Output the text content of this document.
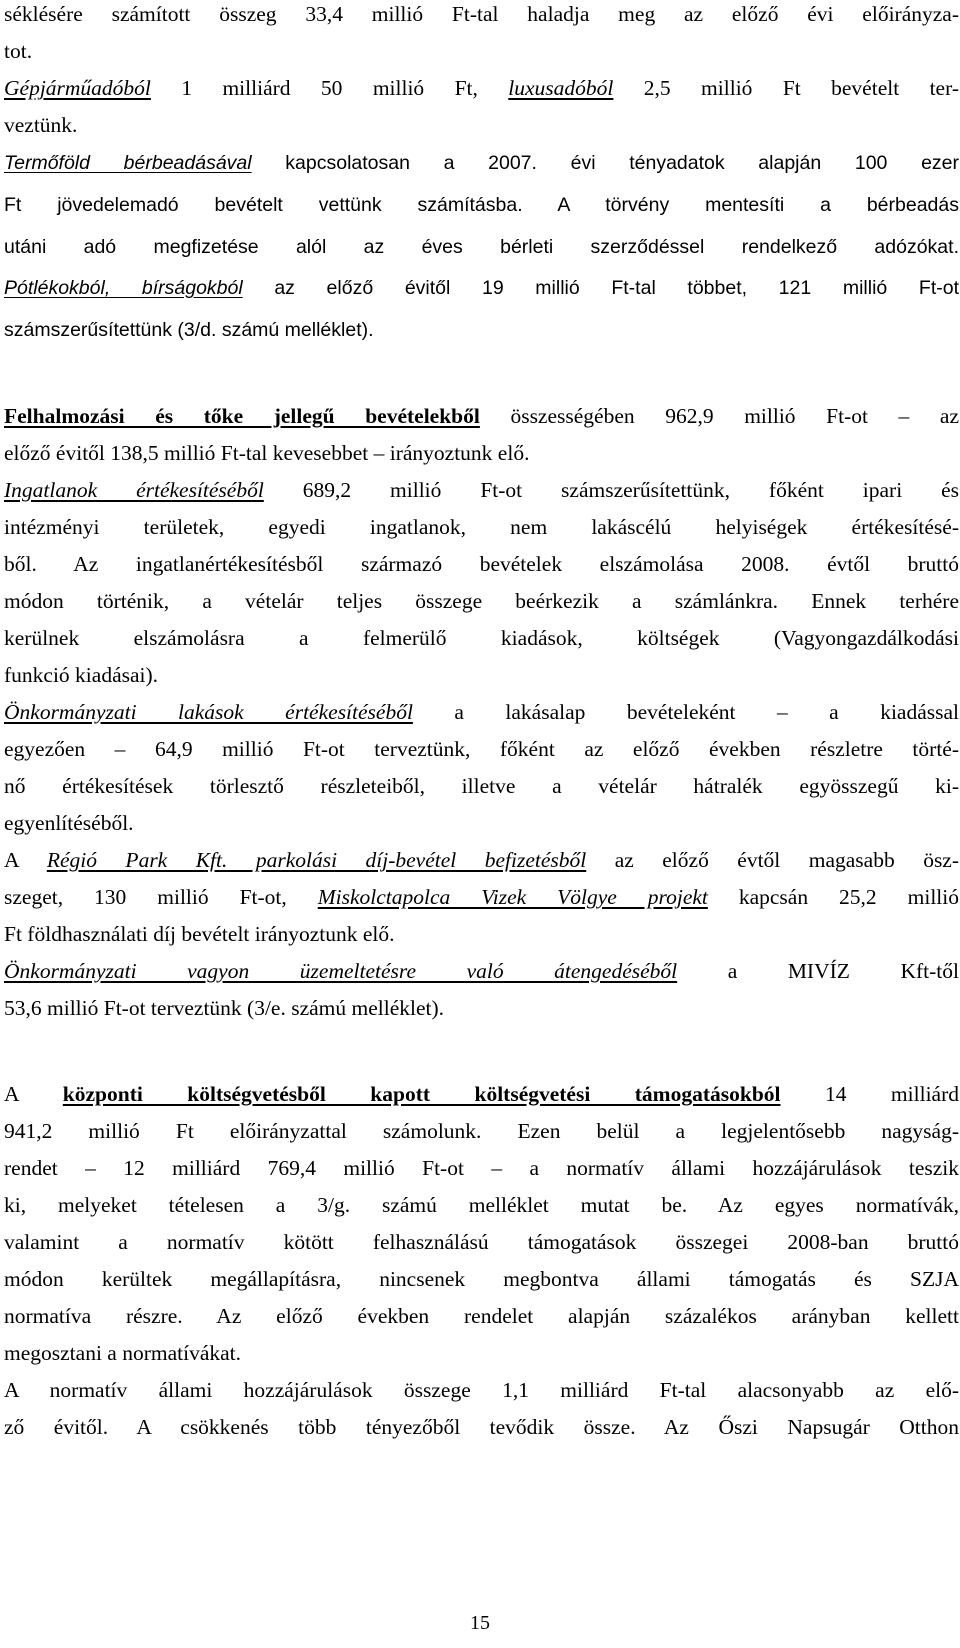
séklésére számított összeg 33,4 millió Ft-tal haladja meg az előző évi előirányza-
tot.
Gépjárműadóból 1 milliárd 50 millió Ft, luxusadóból 2,5 millió Ft bevételt ter-
veztünk.
Termőföld bérbeadásával kapcsolatosan a 2007. évi tényadatok alapján 100 ezer
Ft jövedelemadó bevételt vettünk számításba. A törvény mentesíti a bérbeadás
utáni adó megfizetése alól az éves bérleti szerződéssel rendelkező adózókat.
Pótlékokból, bírságokból az előző évitől 19 millió Ft-tal többet, 121 millió Ft-ot
számszerűsítettünk (3/d. számú melléklet).
Felhalmozási és tőke jellegű bevételekből összességében 962,9 millió Ft-ot – az
előző évitől 138,5 millió Ft-tal kevesebbet – irányoztunk elő.
Ingatlanok értékesítéséből 689,2 millió Ft-ot számszerűsítettünk, főként ipari és
intézményi területek, egyedi ingatlanok, nem lakáscélú helyiségek értékesítésé-
ből. Az ingatlanértékesítésből származó bevételek elszámolása 2008. évtől bruttó
módon történik, a vételár teljes összege beérkezik a számlánkra. Ennek terhére
kerülnek elszámolásra a felmerülő kiadások, költségek (Vagyongazdálkodási
funkció kiadásai).
Önkormányzati lakások értékesítéséből a lakásalap bevételeként – a kiadással
egyezően – 64,9 millió Ft-ot terveztünk, főként az előző években részletre törté-
nő értékesítések törlesztő részleteiből, illetve a vételár hátralék egyösszegű ki-
egyenlítéséből.
A Régió Park Kft. parkolási díj-bevétel befizetésből az előző évtől magasabb ösz-
szeget, 130 millió Ft-ot, Miskolctapolca Vizek Völgye projekt kapcsán 25,2 millió
Ft földhasználati díj bevételt irányoztunk elő.
Önkormányzati vagyon üzemeltetésre való átengedéséből a MIVÍZ Kft-től
53,6 millió Ft-ot terveztünk (3/e. számú melléklet).
A központi költségvetésből kapott költségvetési támogatásokból 14 milliárd
941,2 millió Ft előirányzattal számolunk. Ezen belül a legjelentősebb nagyság-
rendet – 12 milliárd 769,4 millió Ft-ot – a normatív állami hozzájárulások teszik
ki, melyeket tételesen a 3/g. számú melléklet mutat be. Az egyes normatívák,
valamint a normatív kötött felhasználású támogatások összegei 2008-ban bruttó
módon kerültek megállapításra, nincsenek megbontva állami támogatás és SZJA
normatíva részre. Az előző években rendelet alapján százalékos arányban kellett
megosztani a normatívákat.
A normatív állami hozzájárulások összege 1,1 milliárd Ft-tal alacsonyabb az elő-
ző évitől. A csökkenés több tényezőből tevődik össze. Az Őszi Napsugár Otthon
15
